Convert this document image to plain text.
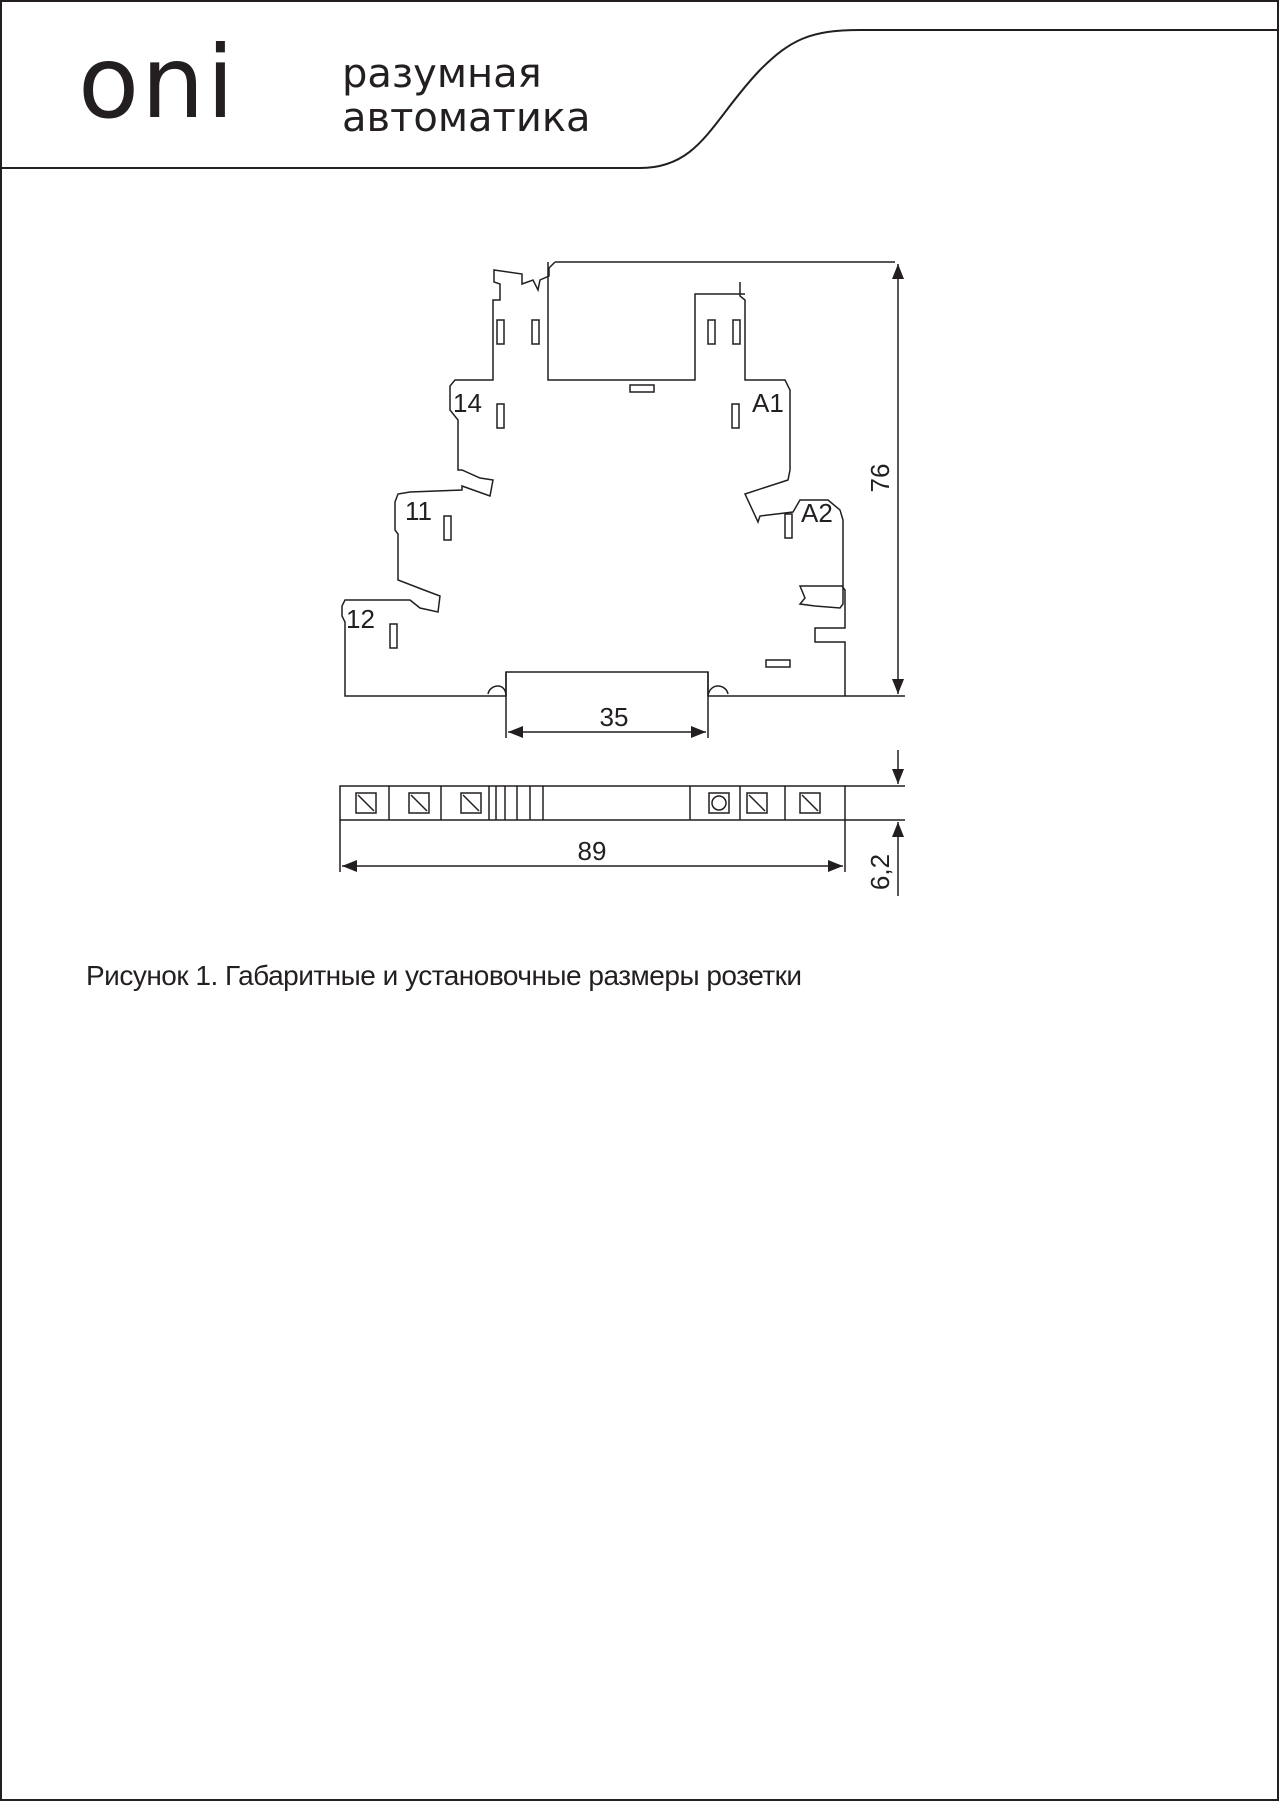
oni	разумная
автоматика
14	A1
11	A2
12
76
35
89
6,2
Рисунок 1. Габаритные и установочные размеры розетки
